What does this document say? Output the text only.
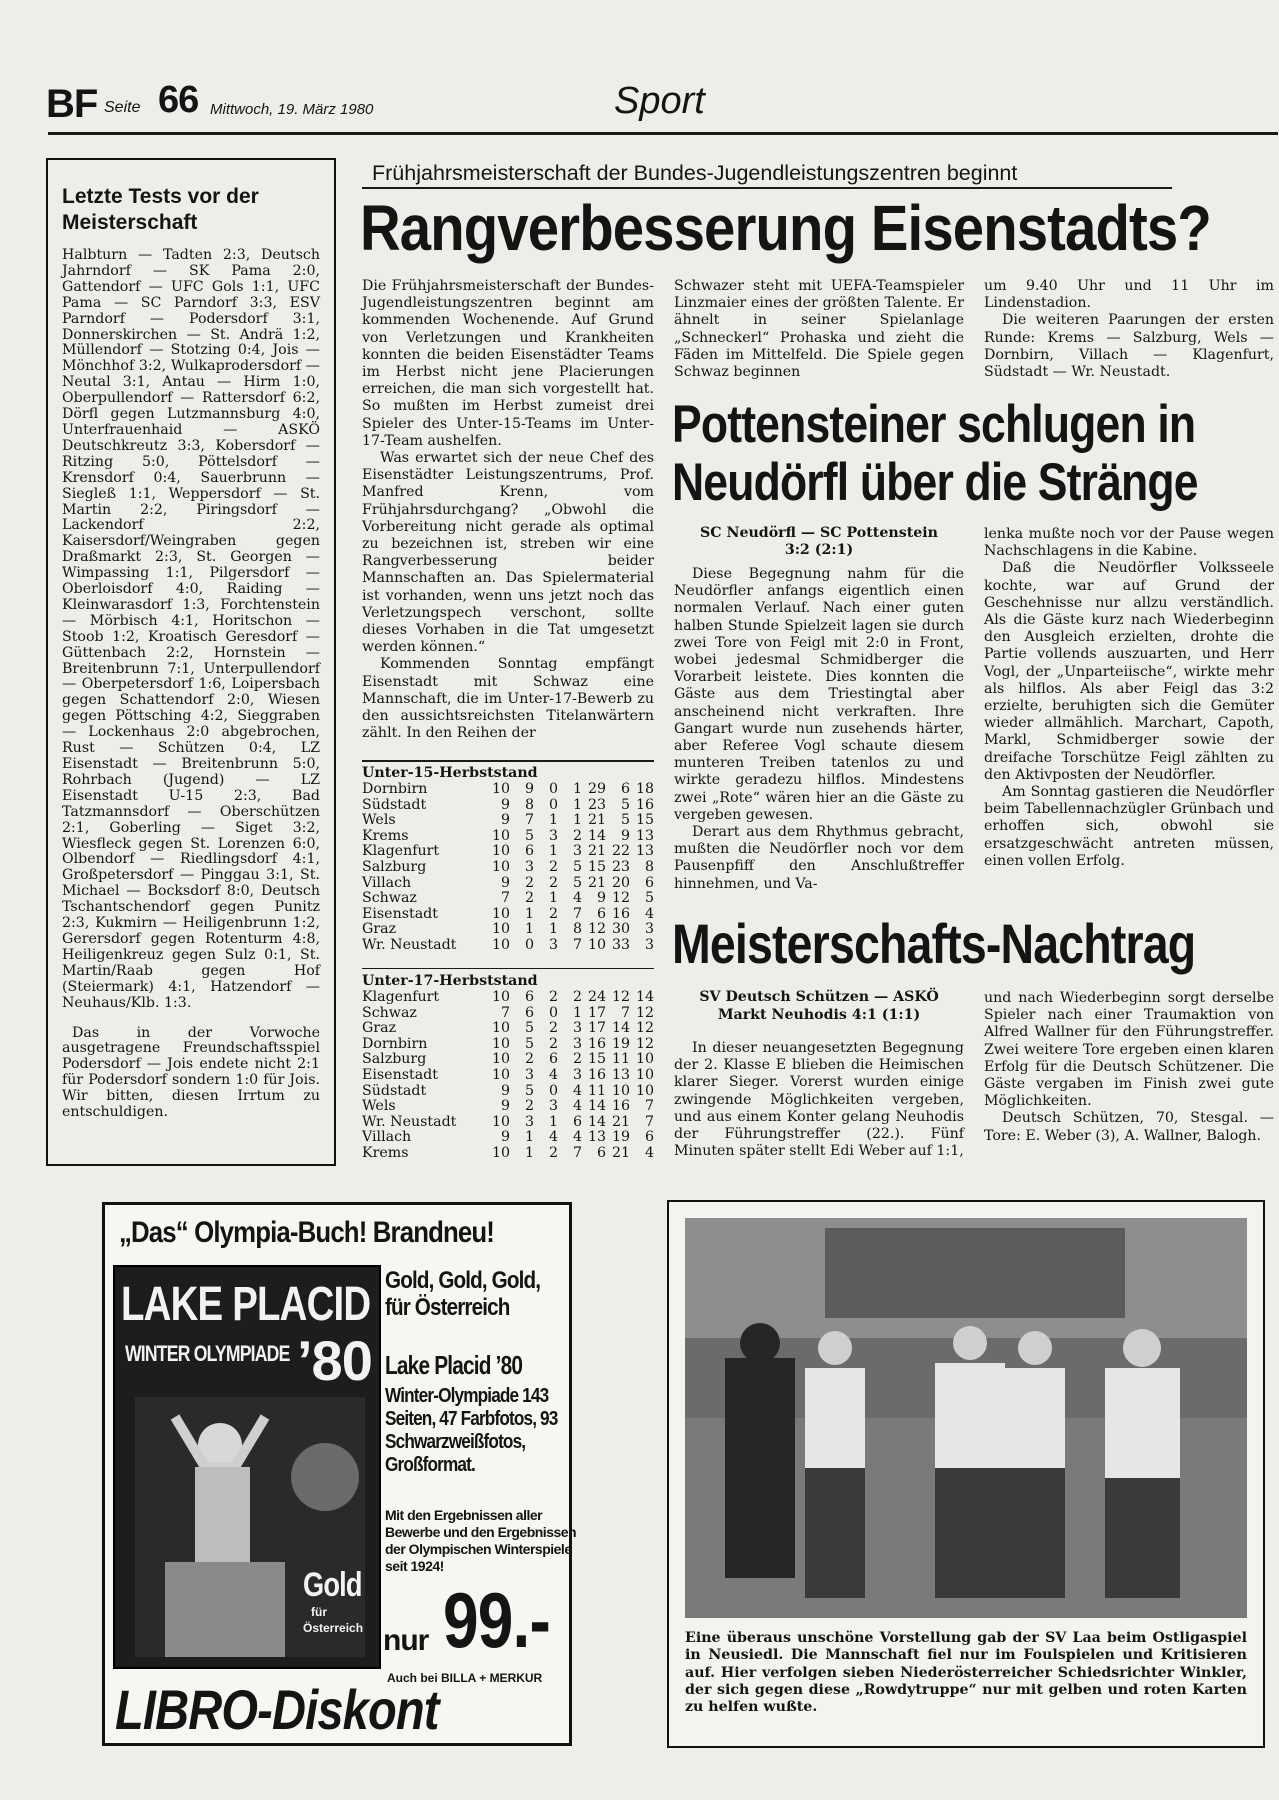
BF Seite 66 Mittwoch, 19. März 1980	Sport
Letzte Tests vor der Meisterschaft
Halbturn — Tadten 2:3, Deutsch Jahrndorf — SK Pama 2:0, Gattendorf — UFC Gols 1:1, UFC Pama — SC Parndorf 3:3, ESV Parndorf — Podersdorf 3:1, Donnerskirchen — St. Andrä 1:2, Müllendorf — Stotzing 0:4, Jois — Mönchhof 3:2, Wulkaprodersdorf — Neutal 3:1, Antau — Hirm 1:0, Oberpullendorf — Rattersdorf 6:2, Dörfl gegen Lutzmannsburg 4:0, Unterfrauenhaid — ASKÖ Deutschkreutz 3:3, Kobersdorf — Ritzing 5:0, Pöttelsdorf — Krensdorf 0:4, Sauerbrunn — Siegleß 1:1, Weppersdorf — St. Martin 2:2, Piringsdorf — Lackendorf 2:2, Kaisersdorf/Weingraben gegen Draßmarkt 2:3, St. Georgen — Wimpassing 1:1, Pilgersdorf — Oberloisdorf 4:0, Raiding — Kleinwarasdorf 1:3, Forchtenstein — Mörbisch 4:1, Horitschon — Stoob 1:2, Kroatisch Geresdorf — Güttenbach 2:2, Hornstein — Breitenbrunn 7:1, Unterpullendorf — Oberpetersdorf 1:6, Loipersbach gegen Schattendorf 2:0, Wiesen gegen Pöttsching 4:2, Sieggraben — Lockenhaus 2:0 abgebrochen, Rust — Schützen 0:4, LZ Eisenstadt — Breitenbrunn 5:0, Rohrbach (Jugend) — LZ Eisenstadt U-15 2:3, Bad Tatzmannsdorf — Oberschützen 2:1, Goberling — Siget 3:2, Wiesfleck gegen St. Lorenzen 6:0, Olbendorf — Riedlingsdorf 4:1, Großpetersdorf — Pinggau 3:1, St. Michael — Bocksdorf 8:0, Deutsch Tschantschendorf gegen Punitz 2:3, Kukmirn — Heiligenbrunn 1:2, Gerersdorf gegen Rotenturm 4:8, Heiligenkreuz gegen Sulz 0:1, St. Martin/Raab gegen Hof (Steiermark) 4:1, Hatzendorf — Neuhaus/Klb. 1:3.
Das in der Vorwoche ausgetragene Freundschaftsspiel Podersdorf — Jois endete nicht 2:1 für Podersdorf sondern 1:0 für Jois. Wir bitten, diesen Irrtum zu entschuldigen.
Frühjahrsmeisterschaft der Bundes-Jugendleistungszentren beginnt
Rangverbesserung Eisenstadts?

Die Frühjahrsmeisterschaft der Bundes-Jugendleistungszentren beginnt am kommenden Wochenende. Auf Grund von Verletzungen und Krankheiten konnten die beiden Eisenstädter Teams im Herbst nicht jene Placierungen erreichen, die man sich vorgestellt hat. So mußten im Herbst zumeist drei Spieler des Unter-15-Teams im Unter-17-Team aushelfen.

Was erwartet sich der neue Chef des Eisenstädter Leistungszentrums, Prof. Manfred Krenn, vom Frühjahrsdurchgang? „Obwohl die Vorbereitung nicht gerade als optimal zu bezeichnen ist, streben wir eine Rangverbesserung beider Mannschaften an. Das Spielermaterial ist vorhanden, wenn uns jetzt noch das Verletzungspech verschont, sollte dieses Vorhaben in die Tat umgesetzt werden können.“

Kommenden Sonntag empfängt Eisenstadt mit Schwaz eine Mannschaft, die im Unter-17-Bewerb zu den aussichtsreichsten Titelanwärtern zählt. In den Reihen der

Schwazer steht mit UEFA-Teamspieler Linzmaier eines der größten Talente. Er ähnelt in seiner Spielanlage „Schneckerl“ Prohaska und zieht die Fäden im Mittelfeld. Die Spiele gegen Schwaz beginnen

um 9.40 Uhr und 11 Uhr im Lindenstadion.

Die weiteren Paarungen der ersten Runde: Krems — Salzburg, Wels — Dornbirn, Villach — Klagenfurt, Südstadt — Wr. Neustadt.

Unter-15-Herbststand
Dornbirn	10	9	0	1	29	6	18
Südstadt	9	8	0	1	23	5	16
Wels	9	7	1	1	21	5	15
Krems	10	5	3	2	14	9	13
Klagenfurt	10	6	1	3	21	22	13
Salzburg	10	3	2	5	15	23	8
Villach	9	2	2	5	21	20	6
Schwaz	7	2	1	4	9	12	5
Eisenstadt	10	1	2	7	6	16	4
Graz	10	1	1	8	12	30	3
Wr. Neustadt	10	0	3	7	10	33	3
Unter-17-Herbststand
Klagenfurt	10	6	2	2	24	12	14
Schwaz	7	6	0	1	17	7	12
Graz	10	5	2	3	17	14	12
Dornbirn	10	5	2	3	16	19	12
Salzburg	10	2	6	2	15	11	10
Eisenstadt	10	3	4	3	16	13	10
Südstadt	9	5	0	4	11	10	10
Wels	9	2	3	4	14	16	7
Wr. Neustadt	10	3	1	6	14	21	7
Villach	9	1	4	4	13	19	6
Krems	10	1	2	7	6	21	4
Pottensteiner schlugen in
Neudörfl über die Stränge
SC Neudörfl — SC Pottenstein
3:2 (2:1)

Diese Begegnung nahm für die Neudörfler anfangs eigentlich einen normalen Verlauf. Nach einer guten halben Stunde Spielzeit lagen sie durch zwei Tore von Feigl mit 2:0 in Front, wobei jedesmal Schmidberger die Vorarbeit leistete. Dies konnten die Gäste aus dem Triestingtal aber anscheinend nicht verkraften. Ihre Gangart wurde nun zusehends härter, aber Referee Vogl schaute diesem munteren Treiben tatenlos zu und wirkte geradezu hilflos. Mindestens zwei „Rote“ wären hier an die Gäste zu vergeben gewesen.

Derart aus dem Rhythmus gebracht, mußten die Neudörfler noch vor dem Pausenpfiff den Anschlußtreffer hinnehmen, und Va-

lenka mußte noch vor der Pause wegen Nachschlagens in die Kabine.

Daß die Neudörfler Volksseele kochte, war auf Grund der Geschehnisse nur allzu verständlich. Als die Gäste kurz nach Wiederbeginn den Ausgleich erzielten, drohte die Partie vollends auszuarten, und Herr Vogl, der „Unparteiische“, wirkte mehr als hilflos. Als aber Feigl das 3:2 erzielte, beruhigten sich die Gemüter wieder allmählich. Marchart, Capoth, Markl, Schmidberger sowie der dreifache Torschütze Feigl zählten zu den Aktivposten der Neudörfler.

Am Sonntag gastieren die Neudörfler beim Tabellennachzügler Grünbach und erhoffen sich, obwohl sie ersatzgeschwächt antreten müssen, einen vollen Erfolg.

Meisterschafts-Nachtrag
SV Deutsch Schützen — ASKÖ
Markt Neuhodis 4:1 (1:1)

In dieser neuangesetzten Begegnung der 2. Klasse E blieben die Heimischen klarer Sieger. Vorerst wurden einige zwingende Möglichkeiten vergeben, und aus einem Konter gelang Neuhodis der Führungstreffer (22.). Fünf Minuten später stellt Edi Weber auf 1:1,

und nach Wiederbeginn sorgt derselbe Spieler nach einer Traumaktion von Alfred Wallner für den Führungstreffer. Zwei weitere Tore ergeben einen klaren Erfolg für die Deutsch Schützener. Die Gäste vergaben im Finish zwei gute Möglichkeiten.

Deutsch Schützen, 70, Stesgal. — Tore: E. Weber (3), A. Wallner, Balogh.

„Das“ Olympia-Buch! Brandneu!
LAKE PLACID
WINTER OLYMPIADE ’80
Gold
für
Österreich
Gold, Gold, Gold, für Österreich
Lake Placid ’80
Winter-Olympiade 143 Seiten, 47 Farbfotos, 93 Schwarzweißfotos, Großformat.
Mit den Ergebnissen aller Bewerbe und den Ergebnissen der Olympischen Winterspiele seit 1924!
nur 99.-
Auch bei BILLA + MERKUR
LIBRO-Diskont
Eine überaus unschöne Vorstellung gab der SV Laa beim Ostligaspiel in Neusiedl. Die Mannschaft fiel nur im Foulspielen und Kritisieren auf. Hier verfolgen sieben Niederösterreicher Schiedsrichter Winkler, der sich gegen diese „Rowdytruppe“ nur mit gelben und roten Karten zu helfen wußte.
